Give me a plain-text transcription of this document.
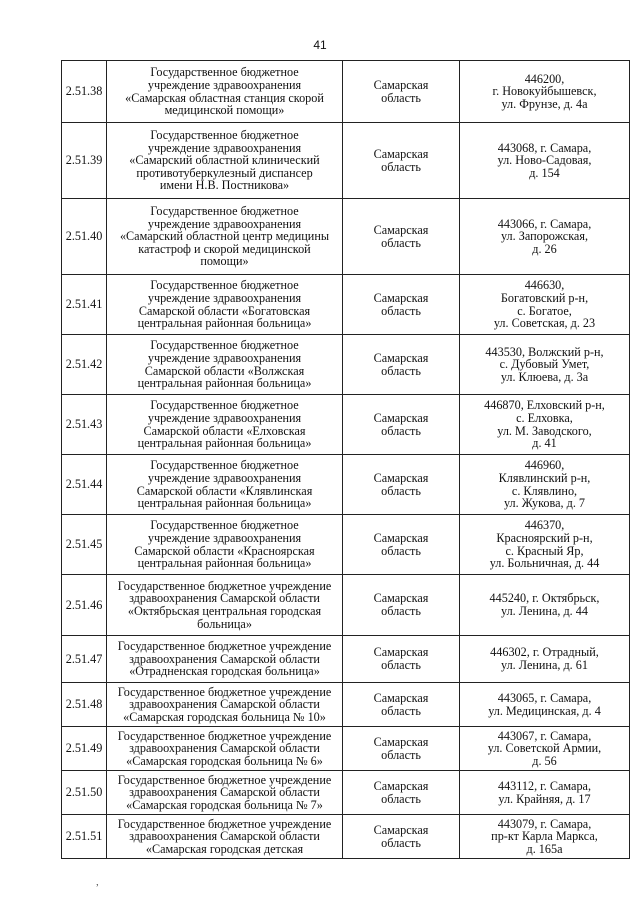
41
2.51.38	Государственное бюджетное
учреждение здравоохранения
«Самарская областная станция скорой
медицинской помощи»	Самарская
область	446200,
г. Новокуйбышевск,
ул. Фрунзе, д. 4а

2.51.39	Государственное бюджетное
учреждение здравоохранения
«Самарский областной клинический
противотуберкулезный диспансер
имени Н.В. Постникова»	Самарская
область	443068, г. Самара,
ул. Ново-Садовая,
д. 154

2.51.40	Государственное бюджетное
учреждение здравоохранения
«Самарский областной центр медицины
катастроф и скорой медицинской
помощи»	Самарская
область	443066, г. Самара,
ул. Запорожская,
д. 26

2.51.41	Государственное бюджетное
учреждение здравоохранения
Самарской области «Богатовская
центральная районная больница»	Самарская
область	446630,
Богатовский р-н,
с. Богатое,
ул. Советская, д. 23

2.51.42	Государственное бюджетное
учреждение здравоохранения
Самарской области «Волжская
центральная районная больница»	Самарская
область	443530, Волжский р-н,
с. Дубовый Умет,
ул. Клюева, д. 3а

2.51.43	Государственное бюджетное
учреждение здравоохранения
Самарской области «Елховская
центральная районная больница»	Самарская
область	446870, Елховский р-н,
с. Елховка,
ул. М. Заводского,
д. 41

2.51.44	Государственное бюджетное
учреждение здравоохранения
Самарской области «Клявлинская
центральная районная больница»	Самарская
область	446960,
Клявлинский р-н,
с. Клявлино,
ул. Жукова, д. 7

2.51.45	Государственное бюджетное
учреждение здравоохранения
Самарской области «Красноярская
центральная районная больница»	Самарская
область	446370,
Красноярский р-н,
с. Красный Яр,
ул. Больничная, д. 44

2.51.46	Государственное бюджетное учреждение
здравоохранения Самарской области
«Октябрьская центральная городская
больница»	Самарская
область	445240, г. Октябрьск,
ул. Ленина, д. 44

2.51.47	Государственное бюджетное учреждение
здравоохранения Самарской области
«Отрадненская городская больница»	Самарская
область	446302, г. Отрадный,
ул. Ленина, д. 61

2.51.48	Государственное бюджетное учреждение
здравоохранения Самарской области
«Самарская городская больница № 10»	Самарская
область	443065, г. Самара,
ул. Медицинская, д. 4

2.51.49	Государственное бюджетное учреждение
здравоохранения Самарской области
«Самарская городская больница № 6»	Самарская
область	443067, г. Самара,
ул. Советской Армии,
д. 56

2.51.50	Государственное бюджетное учреждение
здравоохранения Самарской области
«Самарская городская больница № 7»	Самарская
область	443112, г. Самара,
ул. Крайняя, д. 17

2.51.51	Государственное бюджетное учреждение
здравоохранения Самарской области
«Самарская городская детская	Самарская
область	443079, г. Самара,
пр-кт Карла Маркса,
д. 165а
,
